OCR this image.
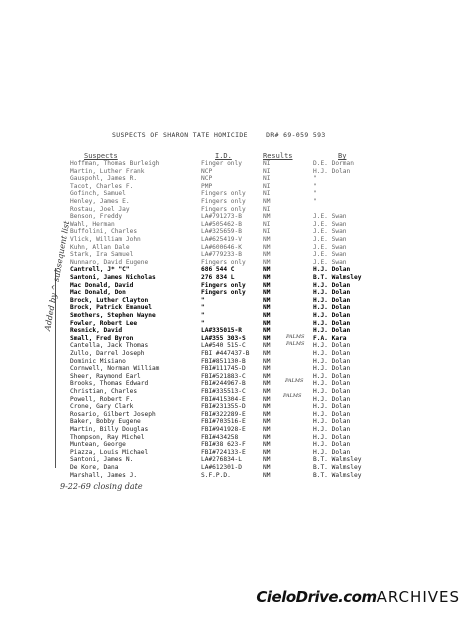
SUSPECTS OF SHARON TATE HOMICIDE	DR# 69-059 593
Suspects	I.D.	Results	By
Hoffman, Thomas Burleigh	Finger only	NI	D.E. Dorman
Martin, Luther Frank	NCP	NI	H.J. Dolan
Gauspohl, James R.	NCP	NI	"
Tacot, Charles F.	PMP	NI	"
Gofinch, Samuel	Fingers only	NI	"
Henley, James E.	Fingers only	NM	"
Rostau, Joel Jay	Fingers only	NI
Benson, Freddy	LA#791273-B	NM	J.E. Swan
Wahl, Herman	LA#505462-B	NI	J.E. Swan
Buffolini, Charles	LA#325659-B	NI	J.E. Swan
Vlick, William John	LA#625419-V	NM	J.E. Swan
Kuhn, Allan Dale	LA#600646-K	NM	J.E. Swan
Stark, Ira Samuel	LA#779233-B	NM	J.E. Swan
Nunnaro, David Eugene	Fingers only	NM	J.E. Swan
Cantrell, J* "C"	686 544 C	NM	H.J. Dolan
Santoni, James Nicholas	276 834 L	NM	B.T. Walmsley
Mac Donald, David	Fingers only	NM	H.J. Dolan
Mac Donald, Don	Fingers only	NM	H.J. Dolan
Brock, Luther Clayton	"	NM	H.J. Dolan
Brock, Patrick Emanuel	"	NM	H.J. Dolan
Smothers, Stephen Wayne	"	NM	H.J. Dolan
Fowler, Robert Lee	"	NM	H.J. Dolan
Resnick, David	LA#335015-R	NM	H.J. Dolan
Small, Fred Byron	LA#355 303-S	NM	F.A. Kara
Cantella, Jack Thomas	LA#540 515-C	NM	H.J. Dolan
Zullo, Darrel Joseph	FBI #447437-B NM	H.J. Dolan
Dominic Misiano	FBI#851130-B	NM	H.J. Dolan
Cornwell, Norman William	FBI#111745-D	NM	H.J. Dolan
Sheer, Raymond Earl	FBI#521883-C	NM	H.J. Dolan
Brooks, Thomas Edward	FBI#244967-B	NM	H.J. Dolan
Christian, Charles	FBI#335513-C	NM	H.J. Dolan
Powell, Robert F.	FBI#415304-E	NM	H.J. Dolan
Crone, Gary Clark	FBI#231355-D	NM	H.J. Dolan
Rosario, Gilbert Joseph	FBI#322289-E	NM	H.J. Dolan
Baker, Bobby Eugene	FBI#703516-E	NM	H.J. Dolan
Martin, Billy Douglas	FBI#941928-E	NM	H.J. Dolan
Thompson, Ray Michel	FBI#434258	NM	H.J. Dolan
Muntean, George	FBI#38 623-F	NM	H.J. Dolan
Piazza, Louis Michael	FBI#724133-E	NM	H.J. Dolan
Santoni, James N.	LA#276834-L	NM	B.T. Walmsley
De Kore, Dana	LA#612301-D	NM	B.T. Walmsley
Marshall, James J.	S.F.P.D.	NM	B.T. Walmsley
Added by ^ subsequent list
9-22-69 closing date
PALMS
PALMS
PALMS
PALMS
CieloDrive.comARCHIVES
